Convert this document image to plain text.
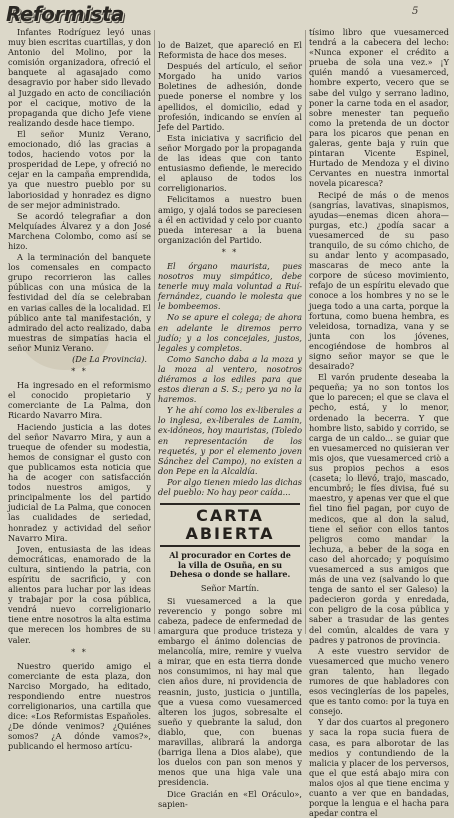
Reformista	5

Infantes Rodríguez leyó unas muy bien escritas cuartillas, y don Antonio del Molino, por la comisión organizadora, ofreció el banquete al agasajado como desagravio por haber sido llevado al Juzgado en acto de conciliación por el cacique, motivo de la propaganda que dicho Jefe viene realizando desde hace tiempo.

El señor Muniz Verano, emocionado, dió las gracias a todos, haciendo votos por la prosperidad de Lepe, y ofreció no cejar en la campaña emprendida, ya que nuestro pueblo por su laboriosidad y honradez es digno de ser mejor administrado.

Se acordó telegrafiar a don Melquíades Álvarez y a don José Marchena Colombo, como así se hizo.

A la terminación del banquete los comensales en compacto grupo recorrieron las calles públicas con una música de la festividad del día se celebraban en varias calles de la localidad. El público ante tal manifestación, y admirado del acto realizado, daba muestras de simpatías hacia el señor Muniz Verano.

(De La Provincia).
* *

Ha ingresado en el reformismo el conocido propietario y comerciante de La Palma, don Ricardo Navarro Mira.

Haciendo justicia a las dotes del señor Navarro Mira, y aun a trueque de ofender su modestia, hemos de consignar el gusto con que publicamos esta noticia que ha de acoger con satisfacción todos nuestros amigos, y principalmente los del partido judicial de La Palma, que conocen las cualidades de seriedad, honradez y actividad del señor Navarro Mira.

Joven, entusiasta de las ideas democráticas, enamorado de la cultura, sintiendo la patria, con espíritu de sacrificio, y con alientos para luchar por las ideas y trabajar por la cosa pública, vendrá nuevo correligionario tiene entre nosotros la alta estima que merecen los hombres de su valer.

* *

Nuestro querido amigo el comerciante de esta plaza, don Narciso Morgado, ha editado, respondiendo entre nuestros correligionarios, una cartilla que dice: «Los Reformistas Españoles. ¿De dónde venimos? ¿Quiénes somos? ¿A dónde vamos?», publicando el hermoso artícu-

lo de Baizet, que apareció en El Reformista de hace dos meses.

Después del artículo, el señor Morgado ha unido varios Boletines de adhesión, donde puede ponerse el nombre y los apellidos, el domicilio, edad y profesión, indicando se envíen al Jefe del Partido.

Esta iniciativa y sacrificio del señor Morgado por la propaganda de las ideas que con tanto entusiasmo defiende, le merecido el aplauso de todos los correligionarios.

Felicitamos a nuestro buen amigo, y ojalá todos se pareciesen a él en actividad y celo por cuanto pueda interesar a la buena organización del Partido.

* *

El órgano maurista, pues nosotros muy simpático, debe tenerle muy mala voluntad a Ruí-fernández, cuando le molesta que le bombeemos.

No se apure el colega; de ahora en adelante le diremos perro judío; y a los concejales, justos, legales y completos.

Como Sancho daba a la moza y la moza al ventero, nosotros diéramos a los ediles para que estos dieran a S. S.; pero ya no la haremos.

Y he ahí como los ex-liberales a lo inglesa, ex-liberales de Lamin, ex-idóneos, hoy mauristas, (Toledo en representación de los requetés, y por el elemento joven Sánchez del Campo), no existen a don Pepe en la Alcaldía.

Por algo tienen miedo las dichas del pueblo: No hay peor caída...

CARTA ABIERTA
Al procurador en Cortes de la villa de Osuña, en su Dehesa o donde se hallare.
Señor Martín.

Si vuesamerced a la que reverencio y pongo sobre mi cabeza, padece de enfermedad de amargura que produce tristeza y embargo el ánimo dolencias de melancolía, mire, remire y vuelva a mirar, que en esta tierra donde nos consumimos, ni hay mal que cien años dure, ni providencia de reasnin, justo, justicia o juntilla, que a vuesa como vuesamerced alteren los jugos, sobresalte el sueño y quebrante la salud, don diablo, que, con buenas maravillas, alibrará la andorga (barriga llena a Dios alabe), que los duelos con pan son menos y menos que una higa vale una presidencia.

Dice Gracián en «El Oráculo», sapien-

tísimo libro que vuesamerced tendrá a la cabecera del lecho: «Nunca exponer el crédito a prueba de sola una vez.» ¡Y quién mandó a vuesamerced, hombre experto, vecero que se sabe del vulgo y serrano ladino, poner la carne toda en el asador, sobre menester tan pequeño como la pretenda de un doctor para los picaros que penan en galeras, gente baja y ruin que pintaran Vicente Espinel, Hurtado de Mendoza y el divino Cervantes en nuestra inmortal novela picaresca?

Recipé de más o de menos (sangrías, lavativas, sinapismos, ayudas—enemas dicen ahora—purgas, etc.) ¿podía sacar a vuesamerced de su paso tranquilo, de su cómo chicho, de su andar lento y acompasado, mascaras de meco ante la corpore de súceso movimiento, refajo de un espíritu elevado que conoce a los hombres y no se le juega todo a una carta, porque la fortuna, como buena hembra, es veleidosa, tornadiza, vana y se junta con los jóvenes, encogiéndose de hombros al signo señor mayor se que le desairado?

El varón prudente deseaba la pequeña; ya no son tontos los que lo parecen; el que se clava el pecho, está, y lo menor, ordenado la becerra. Y que hombre listo, sabido y corrido, se carga de un caldo... se guiar que en vuesamerced no quisieran ver mis ojos, que vuesamerced criò a sus propios pechos a esos (caseta; lo llevó, trajo, mascado, encumbró; le fíes divisa, fué su maestro, y apenas ver que el que fiel tino fiel pagan, por cuyo de medicos, que al don la salud, tiene el señor con ellos tantos peligros como mandar la lechuza, a beber de la soga en caso del ahorcado; y poquísimo vuesamerced a sus amigos que más de una vez (salvando lo que tenga de santo el ser Galeso) la padecieron gorda y enredada, con peligro de la cosa pública y saber a trasudar de las gentes del común, alcaldes de vara y padres y patronos de provincia.

A este vuestro servidor de vuesamerced que mucho venero gran talento, han llegado rumores de que habladores con esos vecinglerías de los papeles, que es tanto como: por la tuya en consejo.

Y dar dos cuartos al pregonero y saca la ropa sucia fuera de casa, es para alborotar de las medios y contundiendo de la malicia y placer de los perversos, que el que está abajo mira con malos ojos al que tiene encima y cuanto a ver que en bandadas, porque la lengua e el hacha para apedar contra el
